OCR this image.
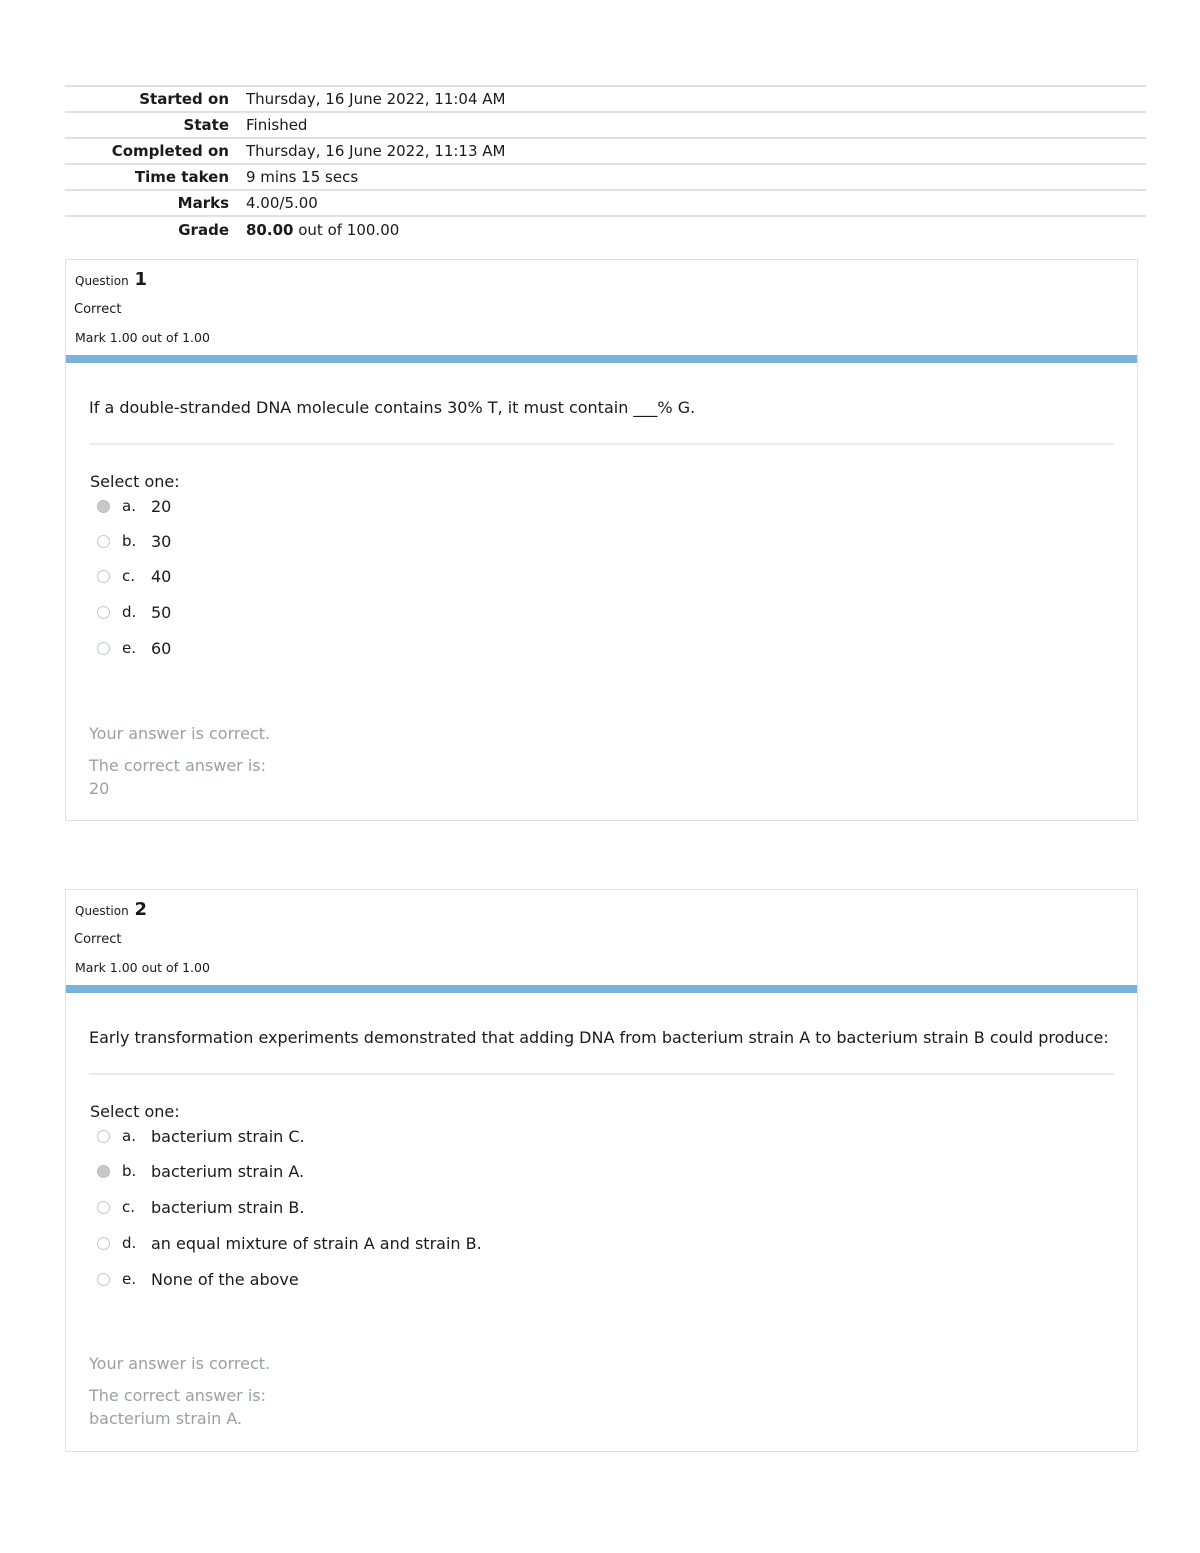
Started on	Thursday, 16 June 2022, 11:04 AM
State	Finished
Completed on	Thursday, 16 June 2022, 11:13 AM
Time taken	9 mins 15 secs
Marks	4.00/5.00
Grade	80.00 out of 100.00
Question 1
Correct
Mark 1.00 out of 1.00
If a double-stranded DNA molecule contains 30% T, it must contain ___% G.
Select one:
a. 20
b. 30
c. 40
d. 50
e. 60
Your answer is correct.
The correct answer is:
20
Question 2
Correct
Mark 1.00 out of 1.00
Early transformation experiments demonstrated that adding DNA from bacterium strain A to bacterium strain B could produce:
Select one:
a. bacterium strain C.
b. bacterium strain A.
c. bacterium strain B.
d. an equal mixture of strain A and strain B.
e. None of the above
Your answer is correct.
The correct answer is:
bacterium strain A.
